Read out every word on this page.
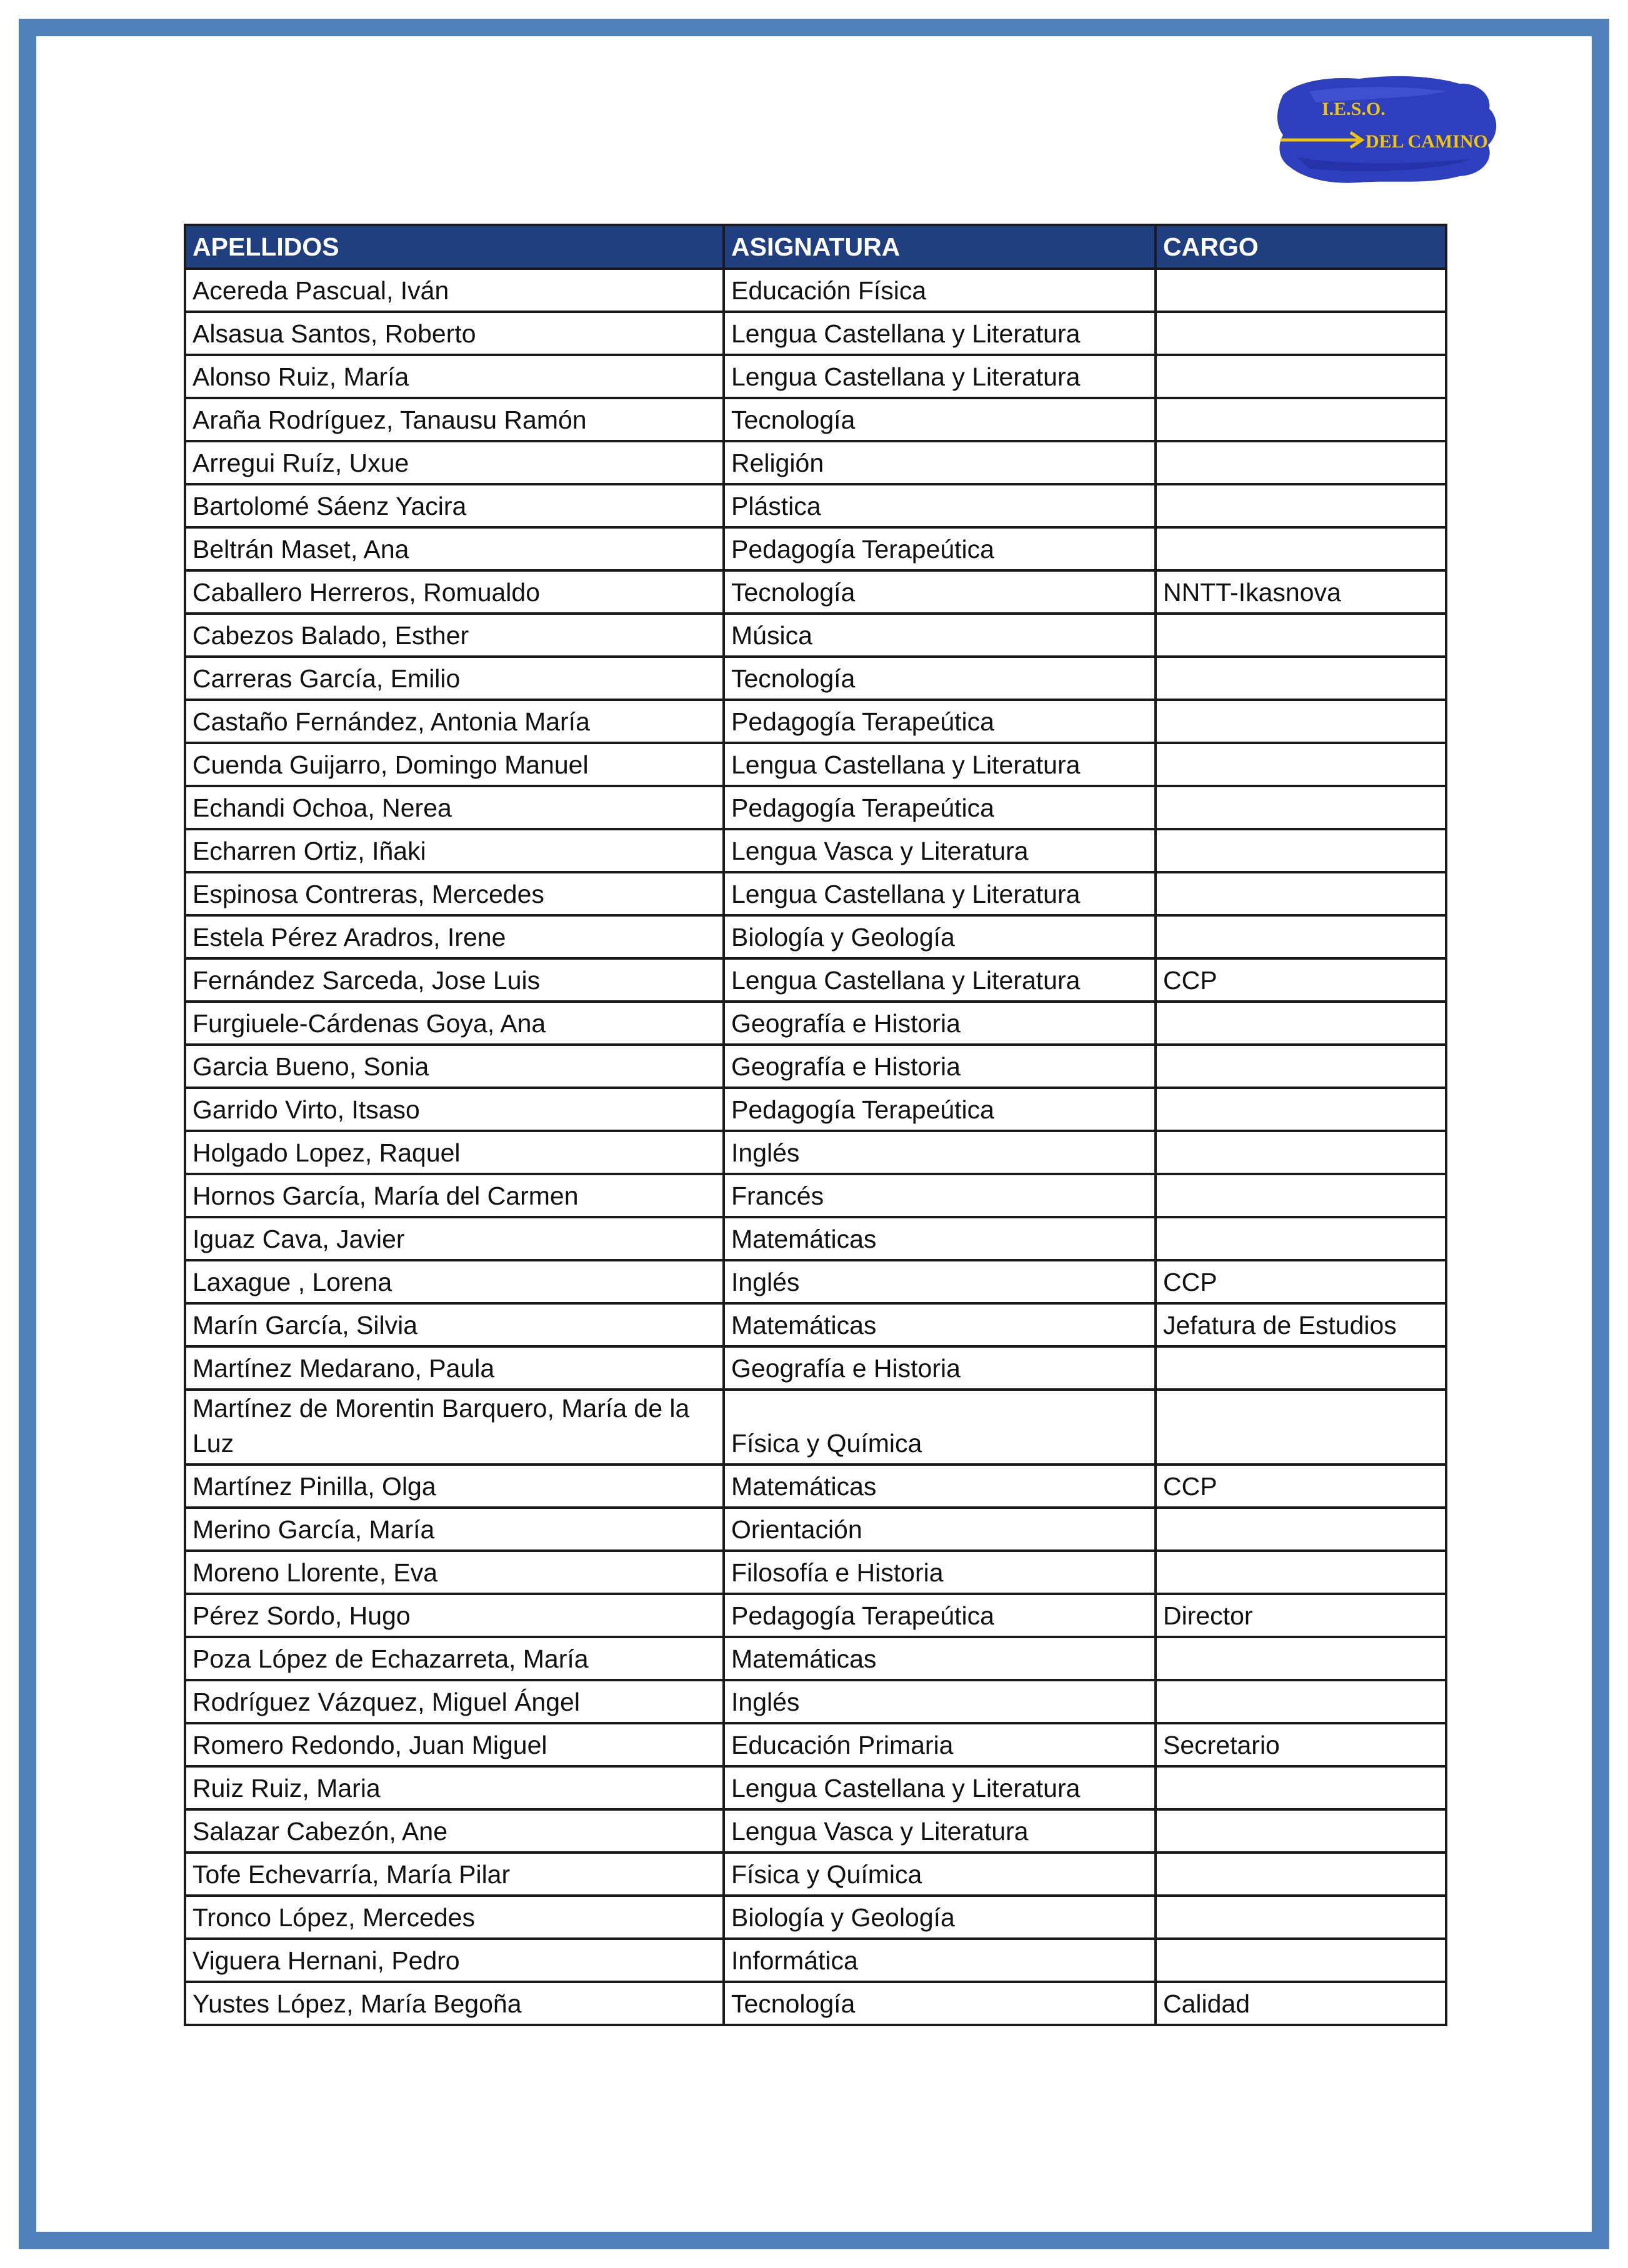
I.E.S.O.
DEL CAMINO
APELLIDOS	ASIGNATURA	CARGO
Acereda Pascual, Iván	Educación Física	
Alsasua Santos, Roberto	Lengua Castellana y Literatura	
Alonso Ruiz, María	Lengua Castellana y Literatura	
Araña Rodríguez, Tanausu Ramón	Tecnología	
Arregui Ruíz, Uxue	Religión	
Bartolomé Sáenz Yacira	Plástica	
Beltrán Maset, Ana	Pedagogía Terapeútica	
Caballero Herreros, Romualdo	Tecnología	NNTT-Ikasnova
Cabezos Balado, Esther	Música	
Carreras García, Emilio	Tecnología	
Castaño Fernández, Antonia María	Pedagogía Terapeútica	
Cuenda Guijarro, Domingo Manuel	Lengua Castellana y Literatura	
Echandi Ochoa, Nerea	Pedagogía Terapeútica	
Echarren Ortiz, Iñaki	Lengua Vasca y Literatura	
Espinosa Contreras, Mercedes	Lengua Castellana y Literatura	
Estela Pérez Aradros, Irene	Biología y Geología	
Fernández Sarceda, Jose Luis	Lengua Castellana y Literatura	CCP
Furgiuele-Cárdenas Goya, Ana	Geografía e Historia	
Garcia Bueno, Sonia	Geografía e Historia	
Garrido Virto, Itsaso	Pedagogía Terapeútica	
Holgado Lopez, Raquel	Inglés	
Hornos García, María del Carmen	Francés	
Iguaz Cava, Javier	Matemáticas	
Laxague , Lorena	Inglés	CCP
Marín García, Silvia	Matemáticas	Jefatura de Estudios
Martínez Medarano, Paula	Geografía e Historia	
Martínez de Morentin Barquero, María de la Luz	Física y Química	
Martínez Pinilla, Olga	Matemáticas	CCP
Merino García, María	Orientación	
Moreno Llorente, Eva	Filosofía e Historia	
Pérez Sordo, Hugo	Pedagogía Terapeútica	Director
Poza López de Echazarreta, María	Matemáticas	
Rodríguez Vázquez, Miguel Ángel	Inglés	
Romero Redondo, Juan Miguel	Educación Primaria	Secretario
Ruiz Ruiz, Maria	Lengua Castellana y Literatura	
Salazar Cabezón, Ane	Lengua Vasca y Literatura	
Tofe Echevarría, María Pilar	Física y Química	
Tronco López, Mercedes	Biología y Geología	
Viguera Hernani, Pedro	Informática	
Yustes López, María Begoña	Tecnología	Calidad
